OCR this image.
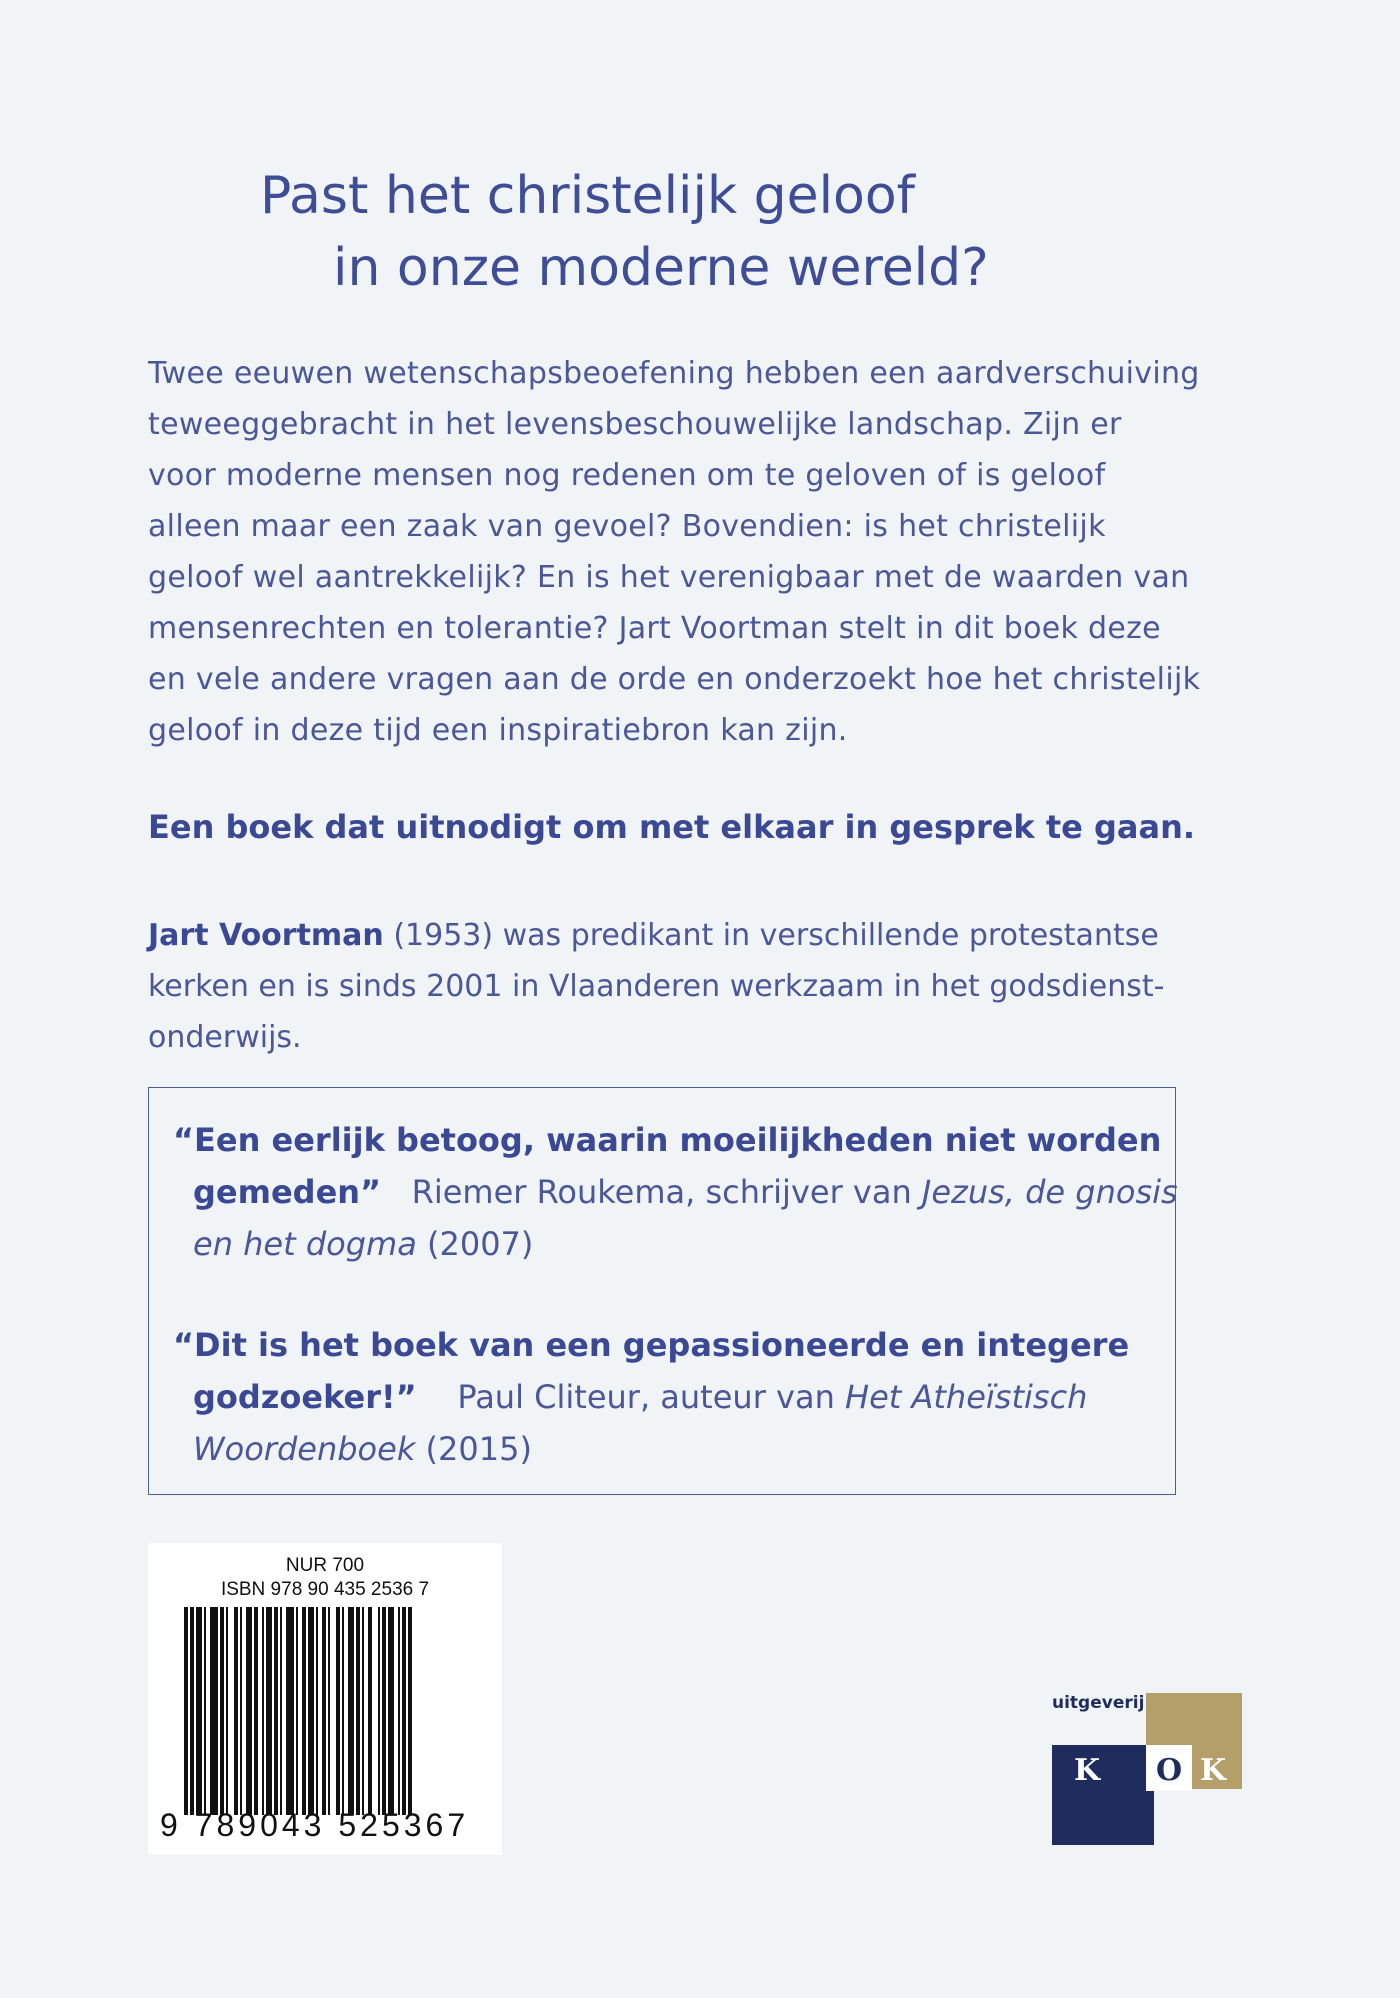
Past het christelijk geloof
in onze moderne wereld?
Twee eeuwen wetenschapsbeoefening hebben een aardverschuiving
teweeggebracht in het levensbeschouwelijke landschap. Zijn er
voor moderne mensen nog redenen om te geloven of is geloof
alleen maar een zaak van gevoel? Bovendien: is het christelijk
geloof wel aantrekkelijk? En is het verenigbaar met de waarden van
mensenrechten en tolerantie? Jart Voortman stelt in dit boek deze
en vele andere vragen aan de orde en onderzoekt hoe het christelijk
geloof in deze tijd een inspiratiebron kan zijn.
Een boek dat uitnodigt om met elkaar in gesprek te gaan.
Jart Voortman (1953) was predikant in verschillende protestantse
kerken en is sinds 2001 in Vlaanderen werkzaam in het godsdienst-
onderwijs.
“Een eerlijk betoog, waarin moeilijkheden niet worden
gemeden” Riemer Roukema, schrijver van Jezus, de gnosis
en het dogma (2007)
“Dit is het boek van een gepassioneerde en integere
godzoeker!” Paul Cliteur, auteur van Het Atheïstisch
Woordenboek (2015)
NUR 700
ISBN 978 90 435 2536 7
9 789043 525367
K O K
uitgeverij
